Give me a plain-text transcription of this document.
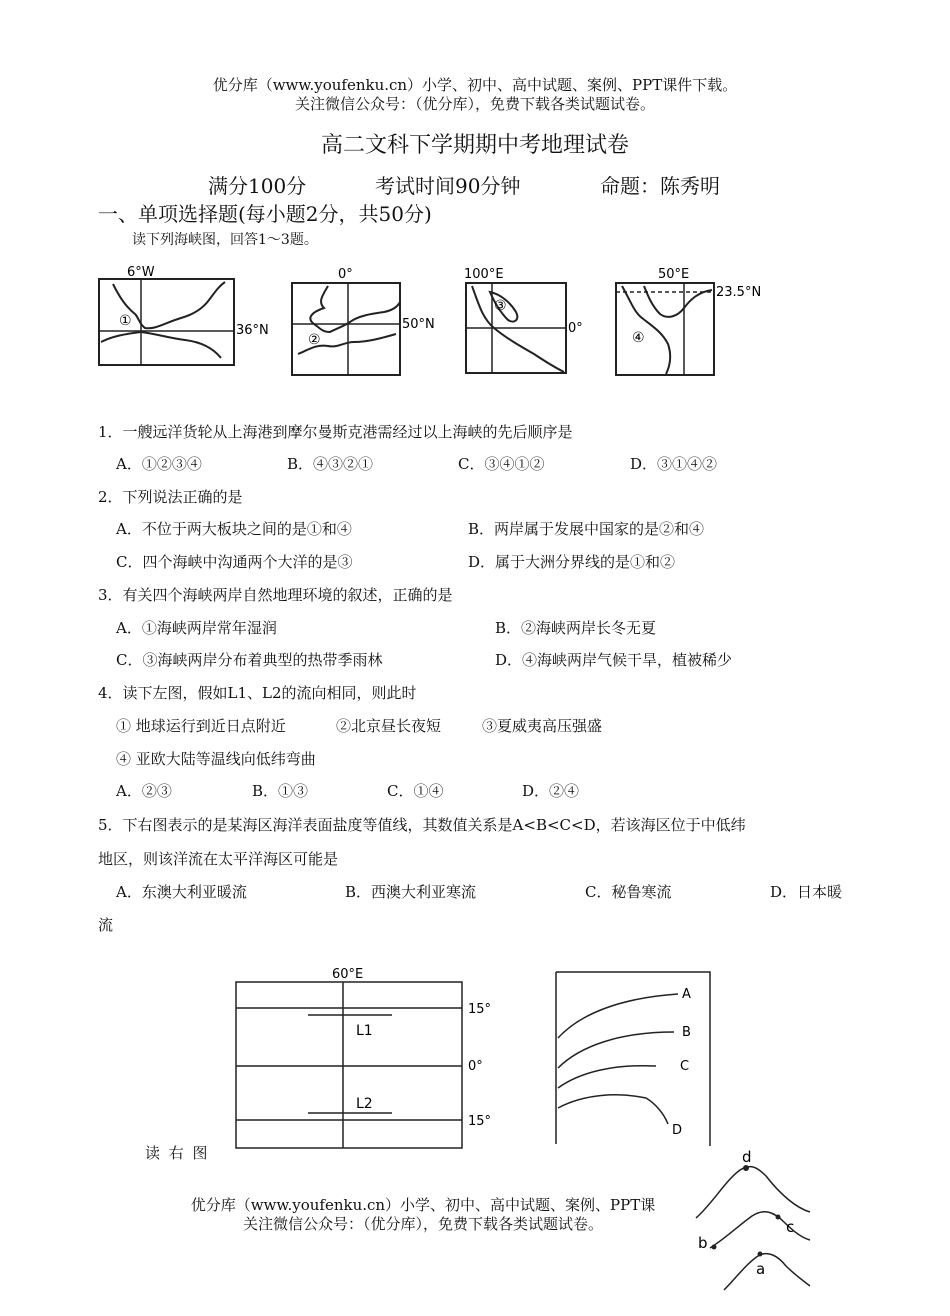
优分库（www.youfenku.cn）小学、初中、高中试题、案例、PPT课件下载。
关注微信公众号：（优分库），免费下载各类试题试卷。
高二文科下学期期中考地理试卷
满分100分	考试时间90分钟	命题：陈秀明
一、单项选择题(每小题2分，共50分)
读下列海峡图，回答1～3题。
6°W
①
36°N
0°
②
50°N
100°E
③
0°
50°E
④
23.5°N
1．一艘远洋货轮从上海港到摩尔曼斯克港需经过以上海峡的先后顺序是
A．①②③④	B．④③②①	C．③④①②	D．③①④②
2．下列说法正确的是
A．不位于两大板块之间的是①和④	B．两岸属于发展中国家的是②和④
C．四个海峡中沟通两个大洋的是③	D．属于大洲分界线的是①和②
3．有关四个海峡两岸自然地理环境的叙述，正确的是
A．①海峡两岸常年湿润	B．②海峡两岸长冬无夏
C．③海峡两岸分布着典型的热带季雨林	D．④海峡两岸气候干旱，植被稀少
4．读下左图，假如L1、L2的流向相同，则此时
① 地球运行到近日点附近	②北京昼长夜短	③夏威夷高压强盛
④ 亚欧大陆等温线向低纬弯曲
A．②③	B．①③	C．①④	D．②④
5．下右图表示的是某海区海洋表面盐度等值线，其数值关系是A<B<C<D，若该海区位于中低纬
地区，则该洋流在太平洋海区可能是
A．东澳大利亚暖流	B．西澳大利亚寒流	C．秘鲁寒流	D．日本暖
流
60°E
L1
L2
15°
0°
15°
A
B
C
D
读 右 图
优分库（www.youfenku.cn）小学、初中、高中试题、案例、PPT课
关注微信公众号：（优分库），免费下载各类试题试卷。
d
c
b
a
